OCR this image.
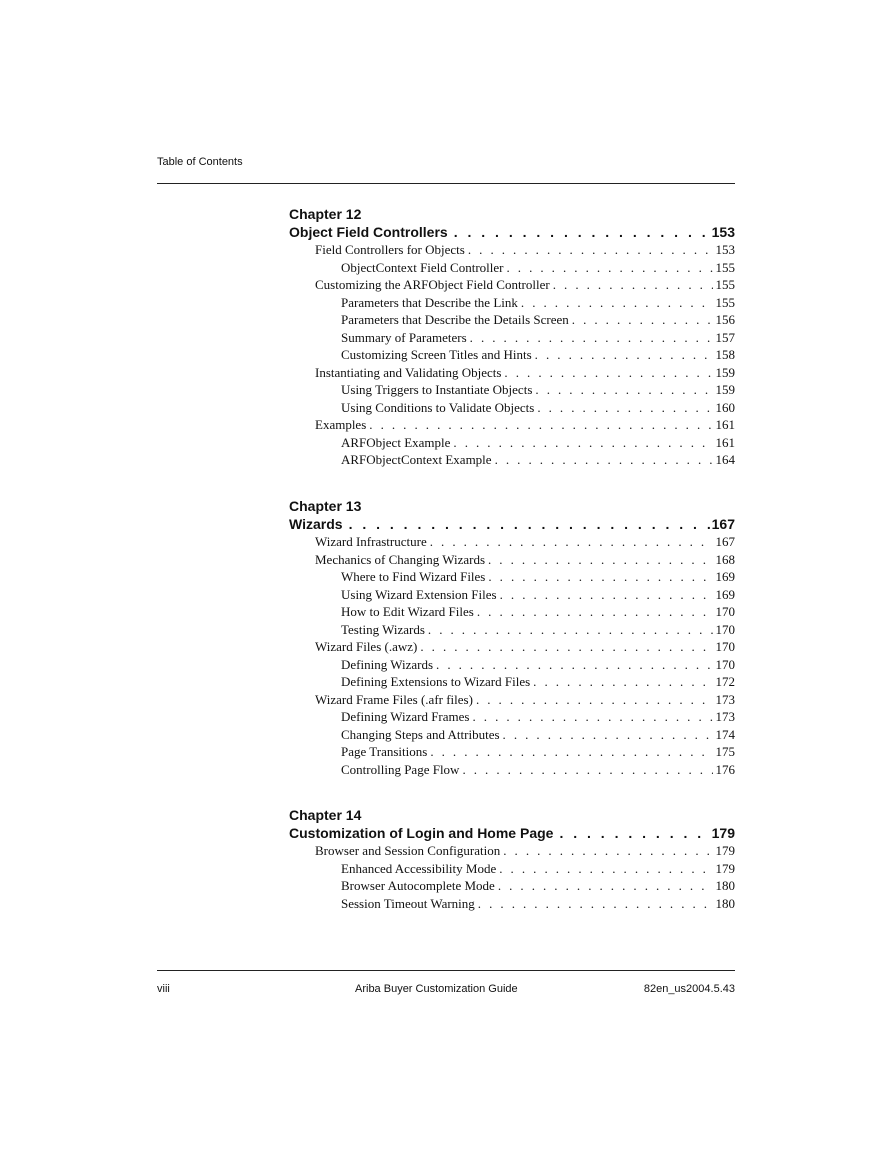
Table of Contents
Chapter 12
Object Field Controllers . . .	153
Field Controllers for Objects . . .	153
ObjectContext Field Controller . . .	155
Customizing the ARFObject Field Controller . . .	155
Parameters that Describe the Link . . .	155
Parameters that Describe the Details Screen . . .	156
Summary of Parameters . . .	157
Customizing Screen Titles and Hints . . .	158
Instantiating and Validating Objects . . .	159
Using Triggers to Instantiate Objects . . .	159
Using Conditions to Validate Objects . . .	160
Examples . . .	161
ARFObject Example . . .	161
ARFObjectContext Example . . .	164
Chapter 13
Wizards . . .	167
Wizard Infrastructure . . .	167
Mechanics of Changing Wizards . . .	168
Where to Find Wizard Files . . .	169
Using Wizard Extension Files . . .	169
How to Edit Wizard Files . . .	170
Testing Wizards . . .	170
Wizard Files (.awz) . . .	170
Defining Wizards . . .	170
Defining Extensions to Wizard Files . . .	172
Wizard Frame Files (.afr files) . . .	173
Defining Wizard Frames . . .	173
Changing Steps and Attributes . . .	174
Page Transitions . . .	175
Controlling Page Flow . . .	176
Chapter 14
Customization of Login and Home Page . . .	179
Browser and Session Configuration . . .	179
Enhanced Accessibility Mode . . .	179
Browser Autocomplete Mode . . .	180
Session Timeout Warning . . .	180
viii	Ariba Buyer Customization Guide	82en_us2004.5.43
